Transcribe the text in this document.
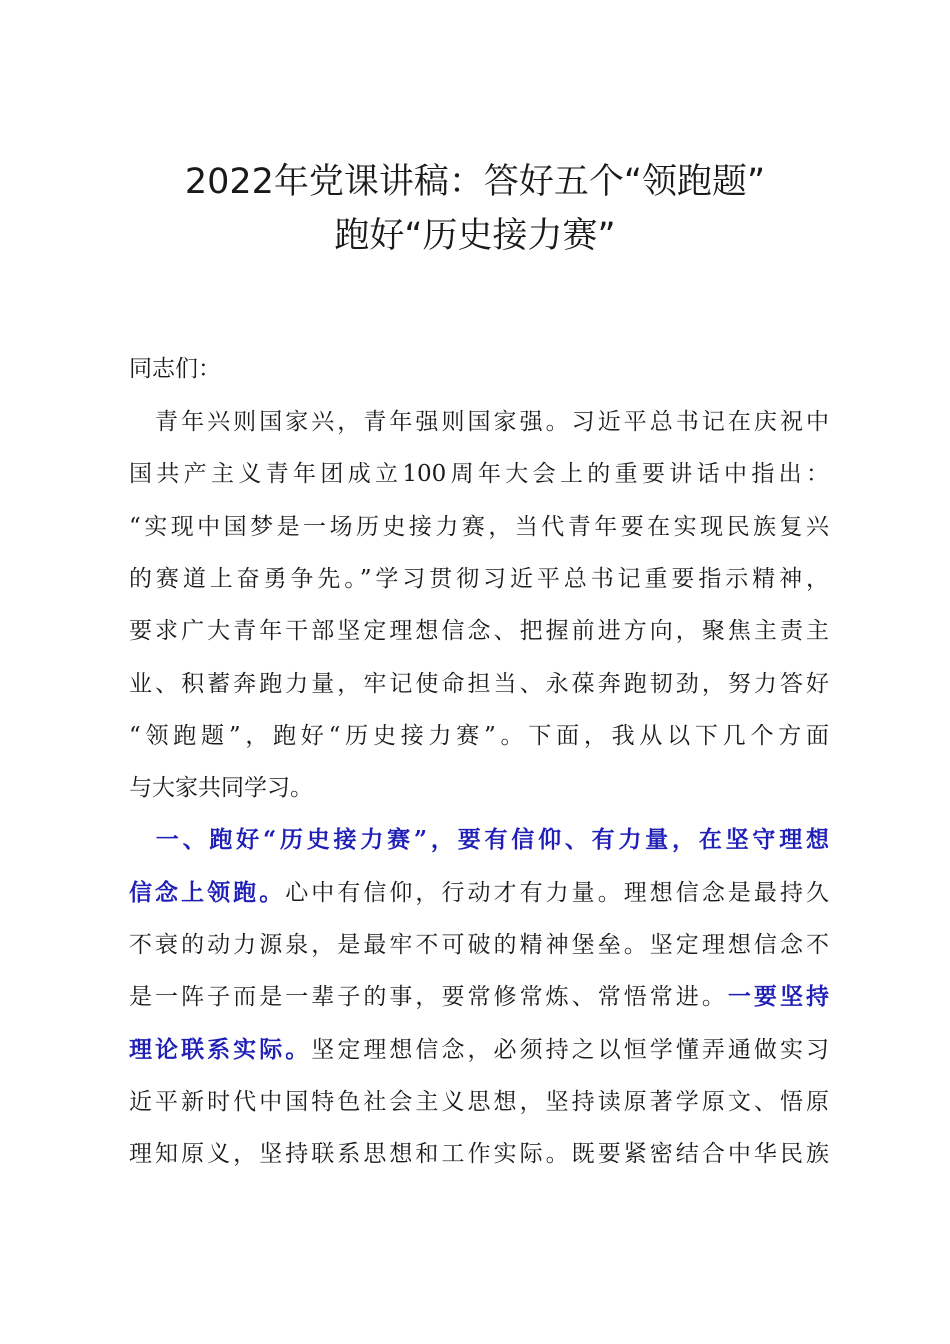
2022年党课讲稿：答好五个“领跑题”
跑好“历史接力赛”
同志们：
　青年兴则国家兴，青年强则国家强。习近平总书记在庆祝中
国共产主义青年团成立100周年大会上的重要讲话中指出：
“实现中国梦是一场历史接力赛，当代青年要在实现民族复兴
的赛道上奋勇争先。”学习贯彻习近平总书记重要指示精神，
要求广大青年干部坚定理想信念、把握前进方向，聚焦主责主
业、积蓄奔跑力量，牢记使命担当、永葆奔跑韧劲，努力答好
“领跑题”，跑好“历史接力赛”。下面，我从以下几个方面
与大家共同学习。
　一、跑好“历史接力赛”，要有信仰、有力量，在坚守理想
信念上领跑。心中有信仰，行动才有力量。理想信念是最持久
不衰的动力源泉，是最牢不可破的精神堡垒。坚定理想信念不
是一阵子而是一辈子的事，要常修常炼、常悟常进。一要坚持
理论联系实际。坚定理想信念，必须持之以恒学懂弄通做实习
近平新时代中国特色社会主义思想，坚持读原著学原文、悟原
理知原义，坚持联系思想和工作实际。既要紧密结合中华民族
